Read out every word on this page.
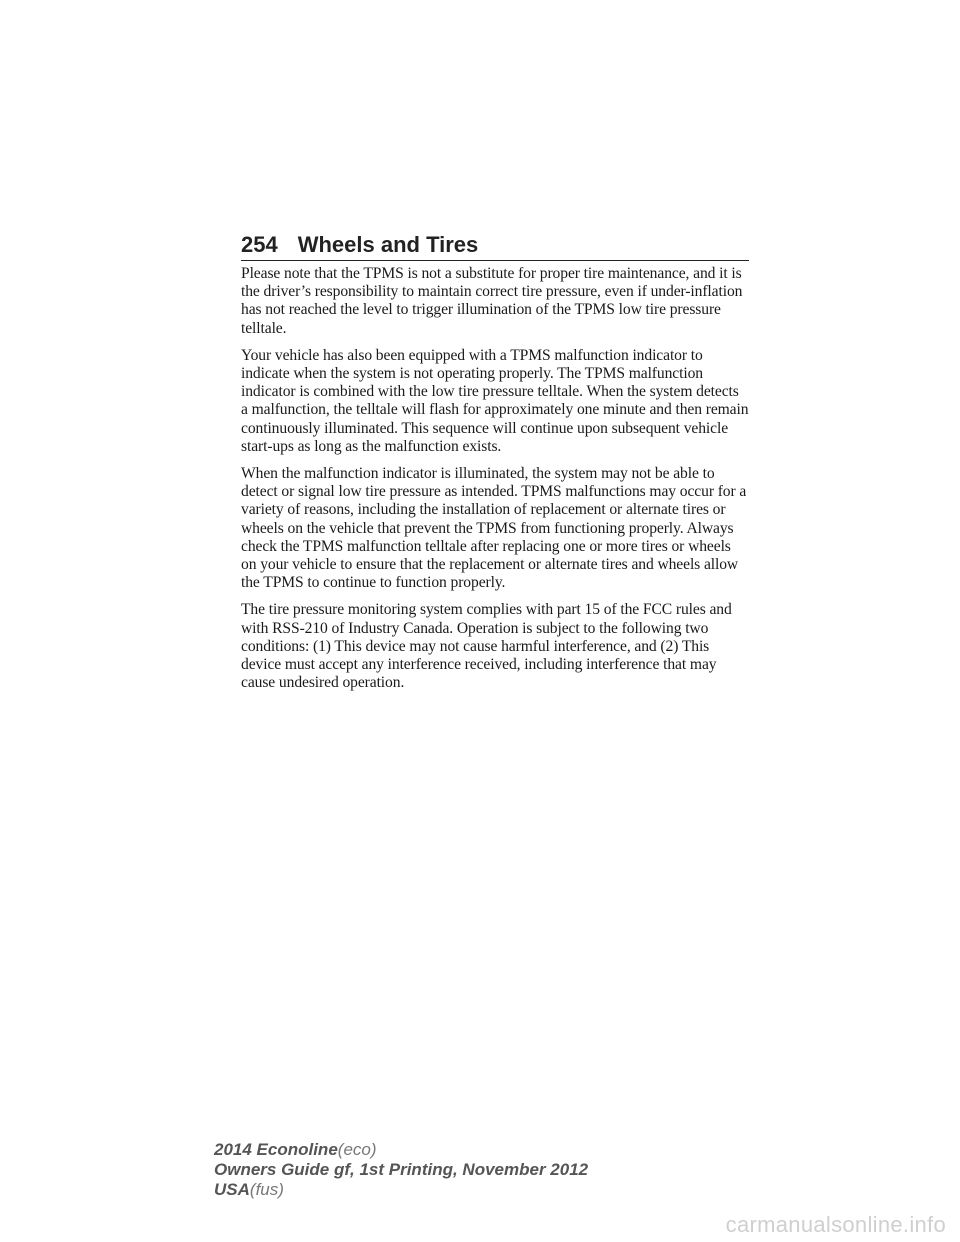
254 Wheels and Tires

Please note that the TPMS is not a substitute for proper tire maintenance, and it is the driver’s responsibility to maintain correct tire pressure, even if under-inflation has not reached the level to trigger illumination of the TPMS low tire pressure telltale.

Your vehicle has also been equipped with a TPMS malfunction indicator to indicate when the system is not operating properly. The TPMS malfunction indicator is combined with the low tire pressure telltale. When the system detects a malfunction, the telltale will flash for approximately one minute and then remain continuously illuminated. This sequence will continue upon subsequent vehicle start-ups as long as the malfunction exists.

When the malfunction indicator is illuminated, the system may not be able to detect or signal low tire pressure as intended. TPMS malfunctions may occur for a variety of reasons, including the installation of replacement or alternate tires or wheels on the vehicle that prevent the TPMS from functioning properly. Always check the TPMS malfunction telltale after replacing one or more tires or wheels on your vehicle to ensure that the replacement or alternate tires and wheels allow the TPMS to continue to function properly.

The tire pressure monitoring system complies with part 15 of the FCC rules and with RSS-210 of Industry Canada. Operation is subject to the following two conditions: (1) This device may not cause harmful interference, and (2) This device must accept any interference received, including interference that may cause undesired operation.

2014 Econoline(eco)
Owners Guide gf, 1st Printing, November 2012
USA(fus)
carmanualsonline.info
